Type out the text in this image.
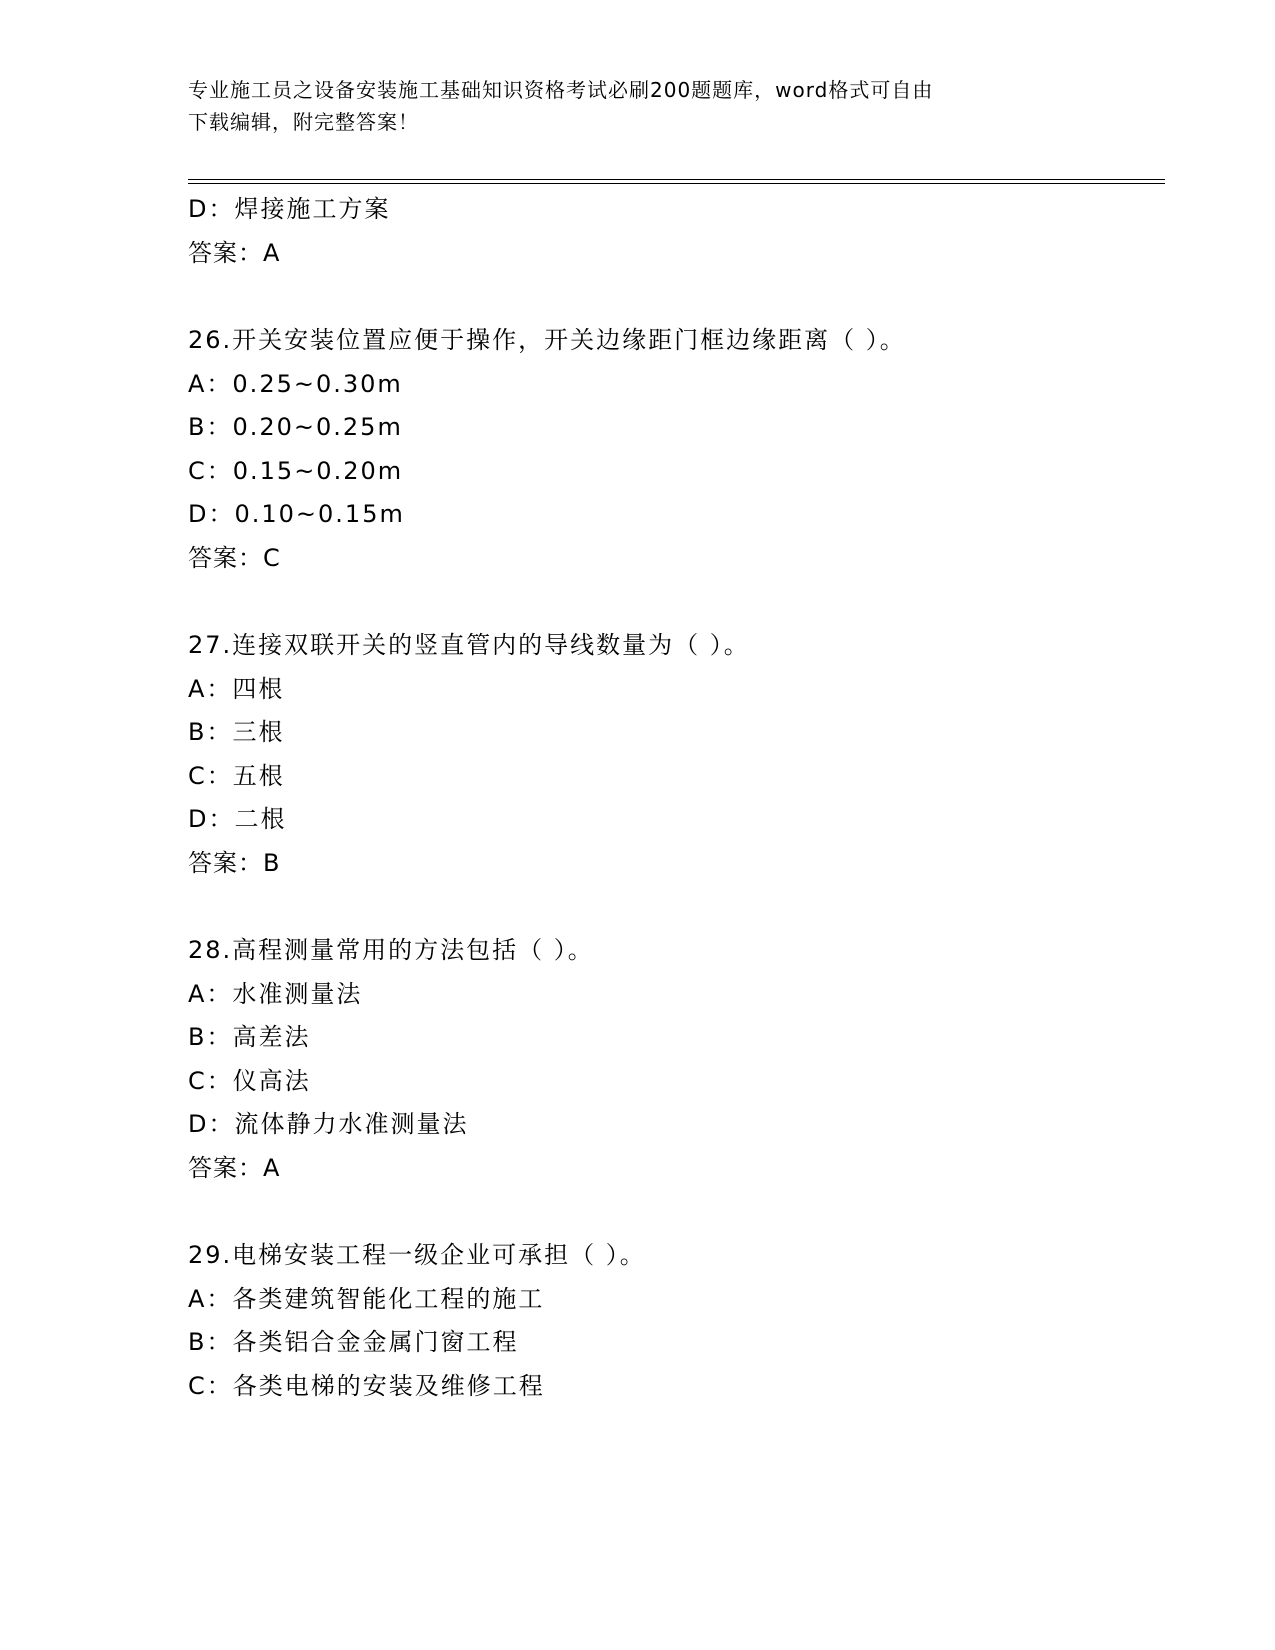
专业施工员之设备安装施工基础知识资格考试必刷200题题库，word格式可自由
下载编辑，附完整答案！
D：焊接施工方案
答案：A
26.开关安装位置应便于操作，开关边缘距门框边缘距离（ ）。
A：0.25~0.30m
B：0.20~0.25m
C：0.15~0.20m
D：0.10~0.15m
答案：C
27.连接双联开关的竖直管内的导线数量为（ ）。
A：四根
B：三根
C：五根
D：二根
答案：B
28.高程测量常用的方法包括（ ）。
A：水准测量法
B：高差法
C：仪高法
D：流体静力水准测量法
答案：A
29.电梯安装工程一级企业可承担（ ）。
A：各类建筑智能化工程的施工
B：各类铝合金金属门窗工程
C：各类电梯的安装及维修工程
